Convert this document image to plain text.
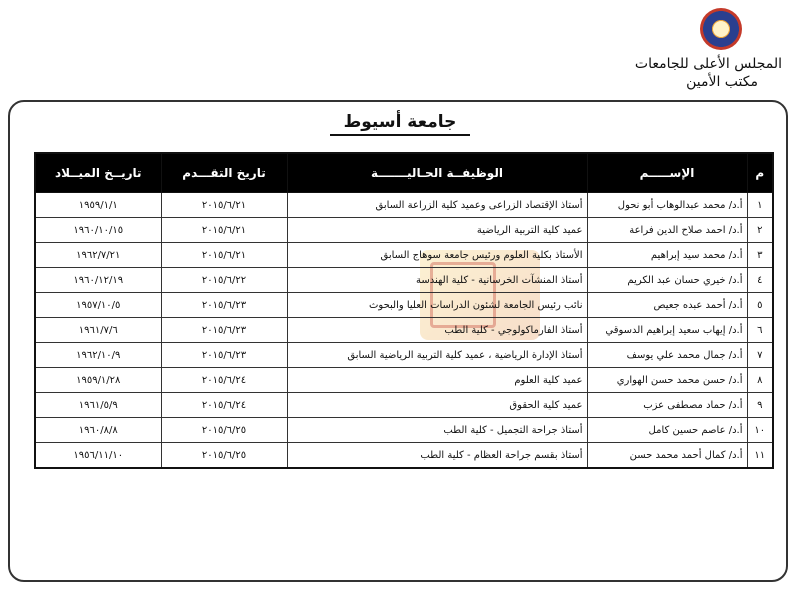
المجلس الأعلى للجامعات
مكتب الأمين
جامعة أسيوط
م	الإســـــم	الوظيفــة الحـاليـــــــة	تاريخ التقـــدم	تاريــخ الميــلاد
١	أ.د/ محمد عبدالوهاب أبو نحول	أستاذ الإقتصاد الزراعى وعميد كلية الزراعة السابق	٢٠١٥/٦/٢١	١٩٥٩/١/١
٢	أ.د/ احمد صلاح الدين فراعة	عميد كلية التربية الرياضية	٢٠١٥/٦/٢١	١٩٦٠/١٠/١٥
٣	أ.د/ محمد سيد إبراهيم	الأستاذ بكلية العلوم ورئيس جامعة سوهاج السابق	٢٠١٥/٦/٢١	١٩٦٢/٧/٢١
٤	أ.د/ خيري حسان عبد الكريم	أستاذ المنشآت الخرسانية - كلية الهندسة	٢٠١٥/٦/٢٢	١٩٦٠/١٢/١٩
٥	أ.د/ أحمد عبده جعيص	نائب رئيس الجامعة لشئون الدراسات العليا والبحوث	٢٠١٥/٦/٢٣	١٩٥٧/١٠/٥
٦	أ.د/ إيهاب سعيد إبراهيم الدسوقي	أستاذ الفارماكولوجي - كلية الطب	٢٠١٥/٦/٢٣	١٩٦١/٧/٦
٧	أ.د/ جمال محمد علي يوسف	أستاذ الإدارة الرياضية ، عميد كلية التربية الرياضية السابق	٢٠١٥/٦/٢٣	١٩٦٢/١٠/٩
٨	أ.د/ حسن محمد حسن الهواري	عميد كلية العلوم	٢٠١٥/٦/٢٤	١٩٥٩/١/٢٨
٩	أ.د/ حماد مصطفى عزب	عميد كلية الحقوق	٢٠١٥/٦/٢٤	١٩٦١/٥/٩
١٠	أ.د/ عاصم حسين كامل	أستاذ جراحة التجميل - كلية الطب	٢٠١٥/٦/٢٥	١٩٦٠/٨/٨
١١	أ.د/ كمال أحمد محمد حسن	أستاذ بقسم جراحة العظام - كلية الطب	٢٠١٥/٦/٢٥	١٩٥٦/١١/١٠
